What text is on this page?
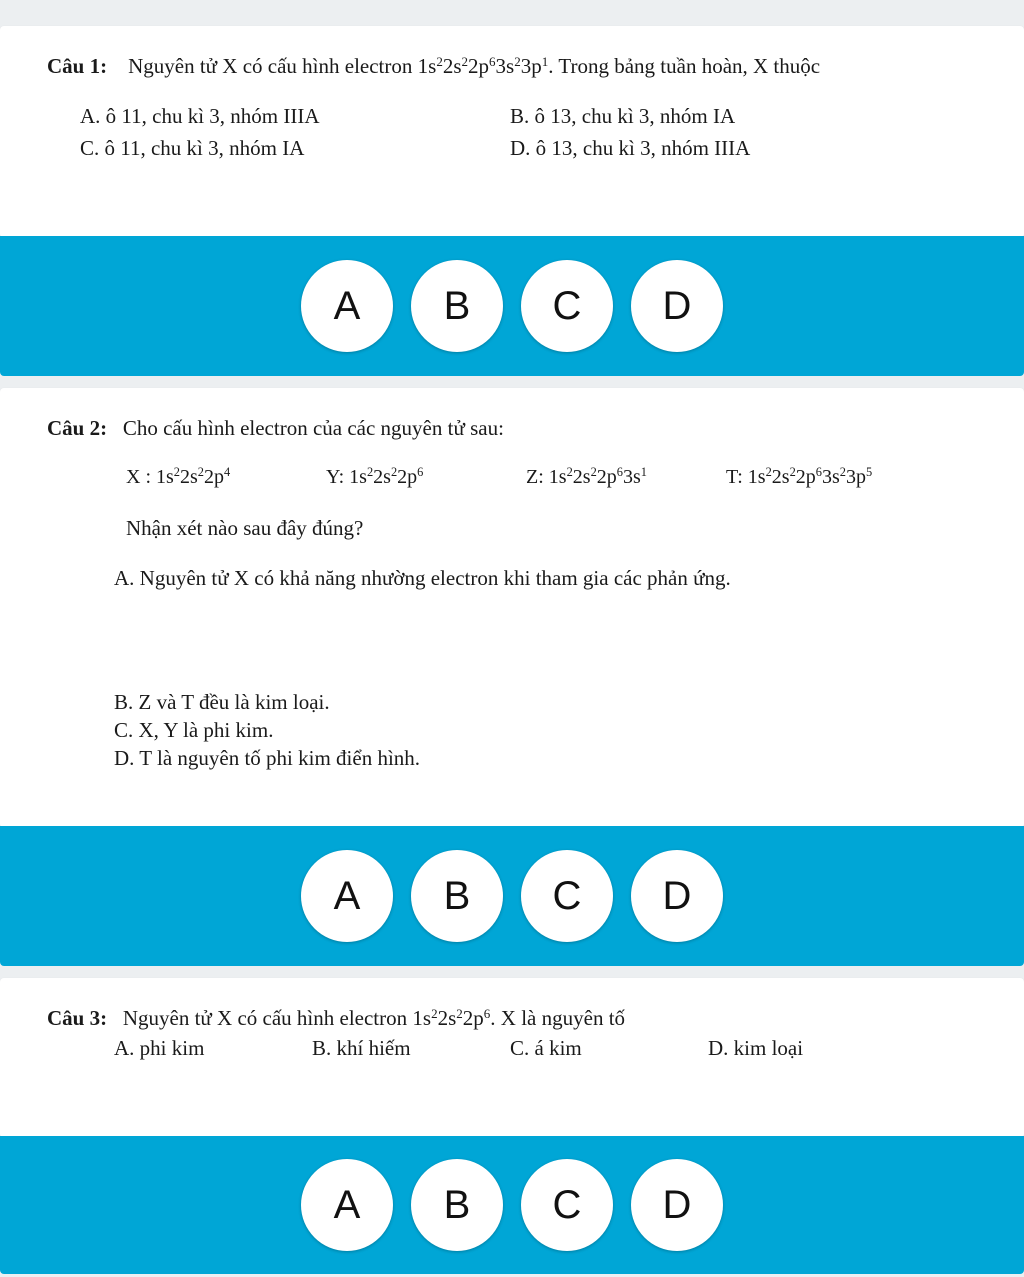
Câu 1: Nguyên tử X có cấu hình electron $1s^22s^22p^63s^23p^1$. Trong bảng tuần hoàn, X thuộc
A. ô 11, chu kì 3, nhóm IIIA	B. ô 13, chu kì 3, nhóm IA
C. ô 11, chu kì 3, nhóm IA	D. ô 13, chu kì 3, nhóm IIIA
A	B	C	D
Câu 2: Cho cấu hình electron của các nguyên tử sau:
X : $1s^22s^22p^4$	Y: $1s^22s^22p^6$	Z: $1s^22s^22p^63s^1$	T: $1s^22s^22p^63s^23p^5$
Nhận xét nào sau đây đúng?
A. Nguyên tử X có khả năng nhường electron khi tham gia các phản ứng.
B. Z và T đều là kim loại.
C. X, Y là phi kim.
D. T là nguyên tố phi kim điển hình.
A	B	C	D
Câu 3: Nguyên tử X có cấu hình electron $1s^22s^22p^6$. X là nguyên tố
A. phi kim	B. khí hiếm	C. á kim	D. kim loại
A	B	C	D
